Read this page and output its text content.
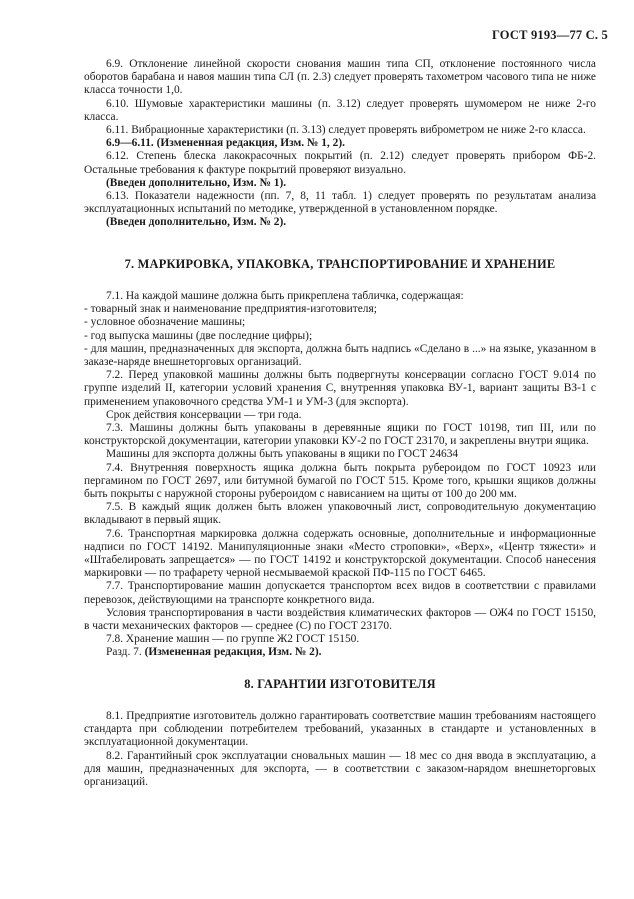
ГОСТ 9193—77 С. 5

6.9. Отклонение линейной скорости снования машин типа СП, отклонение постоянного числа оборотов барабана и навоя машин типа СЛ (п. 2.3) следует проверять тахометром часового типа не ниже класса точности 1,0.

6.10. Шумовые характеристики машины (п. 3.12) следует проверять шумомером не ниже 2-го класса.

6.11. Вибрационные характеристики (п. 3.13) следует проверять виброметром не ниже 2-го класса.

6.9—6.11. (Измененная редакция, Изм. № 1, 2).

6.12. Степень блеска лакокрасочных покрытий (п. 2.12) следует проверять прибором ФБ-2. Остальные требования к фактуре покрытий проверяют визуально.

(Введен дополнительно, Изм. № 1).

6.13. Показатели надежности (пп. 7, 8, 11 табл. 1) следует проверять по результатам анализа эксплуатационных испытаний по методике, утвержденной в установленном порядке.

(Введен дополнительно, Изм. № 2).

7. МАРКИРОВКА, УПАКОВКА, ТРАНСПОРТИРОВАНИЕ И ХРАНЕНИЕ

7.1. На каждой машине должна быть прикреплена табличка, содержащая:

- товарный знак и наименование предприятия-изготовителя;

- условное обозначение машины;

- год выпуска машины (две последние цифры);

- для машин, предназначенных для экспорта, должна быть надпись «Сделано в ...» на языке, указанном в заказе-наряде внешнеторговых организаций.

7.2. Перед упаковкой машины должны быть подвергнуты консервации согласно ГОСТ 9.014 по группе изделий II, категории условий хранения С, внутренняя упаковка ВУ-1, вариант защиты ВЗ-1 с применением упаковочного средства УМ-1 и УМ-3 (для экспорта).

Срок действия консервации — три года.

7.3. Машины должны быть упакованы в деревянные ящики по ГОСТ 10198, тип III, или по конструкторской документации, категории упаковки КУ-2 по ГОСТ 23170, и закреплены внутри ящика.

Машины для экспорта должны быть упакованы в ящики по ГОСТ 24634

7.4. Внутренняя поверхность ящика должна быть покрыта рубероидом по ГОСТ 10923 или пергамином по ГОСТ 2697, или битумной бумагой по ГОСТ 515. Кроме того, крышки ящиков должны быть покрыты с наружной стороны рубероидом с нависанием на щиты от 100 до 200 мм.

7.5. В каждый ящик должен быть вложен упаковочный лист, сопроводительную документацию вкладывают в первый ящик.

7.6. Транспортная маркировка должна содержать основные, дополнительные и информационные надписи по ГОСТ 14192. Манипуляционные знаки «Место строповки», «Верх», «Центр тяжести» и «Штабелировать запрещается» — по ГОСТ 14192 и конструкторской документации. Способ нанесения маркировки — по трафарету черной несмываемой краской ПФ-115 по ГОСТ 6465.

7.7. Транспортирование машин допускается транспортом всех видов в соответствии с правилами перевозок, действующими на транспорте конкретного вида.

Условия транспортирования в части воздействия климатических факторов — ОЖ4 по ГОСТ 15150, в части механических факторов — среднее (С) по ГОСТ 23170.

7.8. Хранение машин — по группе Ж2 ГОСТ 15150.

Разд. 7. (Измененная редакция, Изм. № 2).

8. ГАРАНТИИ ИЗГОТОВИТЕЛЯ

8.1. Предприятие изготовитель должно гарантировать соответствие машин требованиям настоящего стандарта при соблюдении потребителем требований, указанных в стандарте и установленных в эксплуатационной документации.

8.2. Гарантийный срок эксплуатации сновальных машин — 18 мес со дня ввода в эксплуатацию, а для машин, предназначенных для экспорта, — в соответствии с заказом-нарядом внешнеторговых организаций.
